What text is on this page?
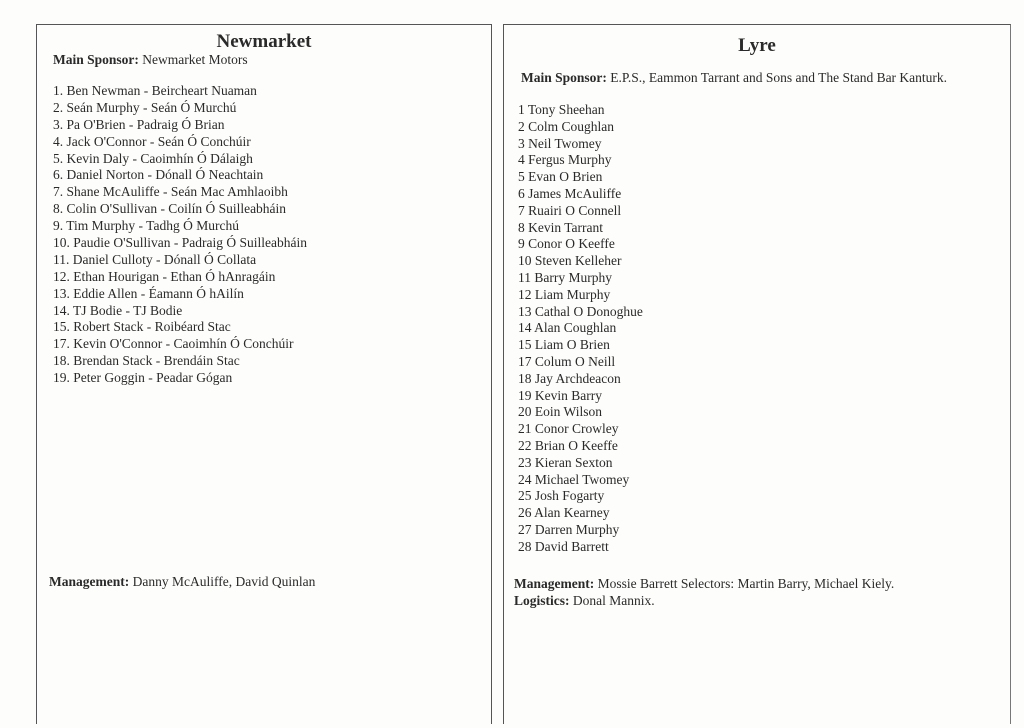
Newmarket
Main Sponsor: Newmarket Motors
1. Ben Newman - Beircheart Nuaman
2. Seán Murphy - Seán Ó Murchú
3. Pa O'Brien - Padraig Ó Brian
4. Jack O'Connor - Seán Ó Conchúir
5. Kevin Daly - Caoimhín Ó Dálaigh
6. Daniel Norton - Dónall Ó Neachtain
7. Shane McAuliffe - Seán Mac Amhlaoibh
8. Colin O'Sullivan - Coilín Ó Suilleabháin
9. Tim Murphy - Tadhg Ó Murchú
10. Paudie O'Sullivan - Padraig Ó Suilleabháin
11. Daniel Culloty - Dónall Ó Collata
12. Ethan Hourigan - Ethan Ó hAnragáin
13. Eddie Allen - Éamann Ó hAilín
14. TJ Bodie - TJ Bodie
15. Robert Stack - Roibéard Stac
17. Kevin O'Connor - Caoimhín Ó Conchúir
18. Brendan Stack - Brendáin Stac
19. Peter Goggin - Peadar Gógan
Management: Danny McAuliffe, David Quinlan
Lyre
Main Sponsor: E.P.S., Eammon Tarrant and Sons and The Stand Bar Kanturk.
1 Tony Sheehan
2 Colm Coughlan
3 Neil Twomey
4 Fergus Murphy
5 Evan O Brien
6 James McAuliffe
7 Ruairi O Connell
8 Kevin Tarrant
9 Conor O Keeffe
10 Steven Kelleher
11 Barry Murphy
12 Liam Murphy
13 Cathal O Donoghue
14 Alan Coughlan
15 Liam O Brien
17 Colum O Neill
18 Jay Archdeacon
19 Kevin Barry
20 Eoin Wilson
21 Conor Crowley
22 Brian O Keeffe
23 Kieran Sexton
24 Michael Twomey
25 Josh Fogarty
26 Alan Kearney
27 Darren Murphy
28 David Barrett
Management: Mossie Barrett Selectors: Martin Barry, Michael Kiely.
Logistics: Donal Mannix.
